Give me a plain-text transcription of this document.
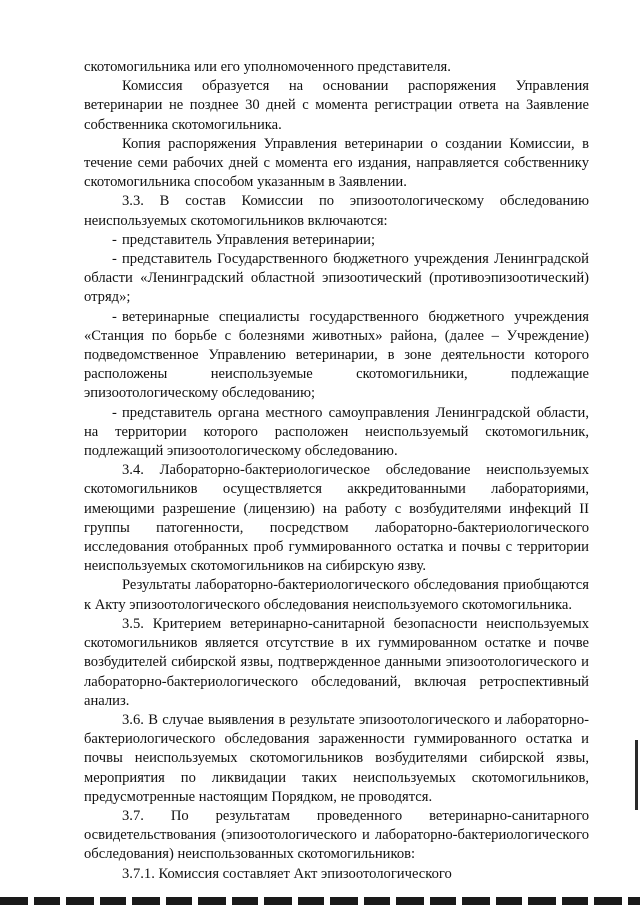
скотомогильника или его уполномоченного представителя.

Комиссия образуется на основании распоряжения Управления ветеринарии не позднее 30 дней с момента регистрации ответа на Заявление собственника скотомогильника.

Копия распоряжения Управления ветеринарии о создании Комиссии, в течение семи рабочих дней с момента его издания, направляется собственнику скотомогильника способом указанным в Заявлении.

3.3. В состав Комиссии по эпизоотологическому обследованию неиспользуемых скотомогильников включаются:

- представитель Управления ветеринарии;

- представитель Государственного бюджетного учреждения Ленинградской области «Ленинградский областной эпизоотический (противоэпизоотический) отряд»;

- ветеринарные специалисты государственного бюджетного учреждения «Станция по борьбе с болезнями животных» района, (далее – Учреждение) подведомственное Управлению ветеринарии, в зоне деятельности которого расположены неиспользуемые скотомогильники, подлежащие эпизоотологическому обследованию;

- представитель органа местного самоуправления Ленинградской области, на территории которого расположен неиспользуемый скотомогильник, подлежащий эпизоотологическому обследованию.

3.4. Лабораторно-бактериологическое обследование неиспользуемых скотомогильников осуществляется аккредитованными лабораториями, имеющими разрешение (лицензию) на работу с возбудителями инфекций II группы патогенности, посредством лабораторно-бактериологического исследования отобранных проб гуммированного остатка и почвы с территории неиспользуемых скотомогильников на сибирскую язву.

Результаты лабораторно-бактериологического обследования приобщаются к Акту эпизоотологического обследования неиспользуемого скотомогильника.

3.5. Критерием ветеринарно-санитарной безопасности неиспользуемых скотомогильников является отсутствие в их гуммированном остатке и почве возбудителей сибирской язвы, подтвержденное данными эпизоотологического и лабораторно-бактериологического обследований, включая ретроспективный анализ.

3.6. В случае выявления в результате эпизоотологического и лабораторно-бактериологического обследования зараженности гуммированного остатка и почвы неиспользуемых скотомогильников возбудителями сибирской язвы, мероприятия по ликвидации таких неиспользуемых скотомогильников, предусмотренные настоящим Порядком, не проводятся.

3.7. По результатам проведенного ветеринарно-санитарного освидетельствования (эпизоотологического и лабораторно-бактериологического обследования) неиспользованных скотомогильников:

3.7.1. Комиссия составляет Акт эпизоотологического
